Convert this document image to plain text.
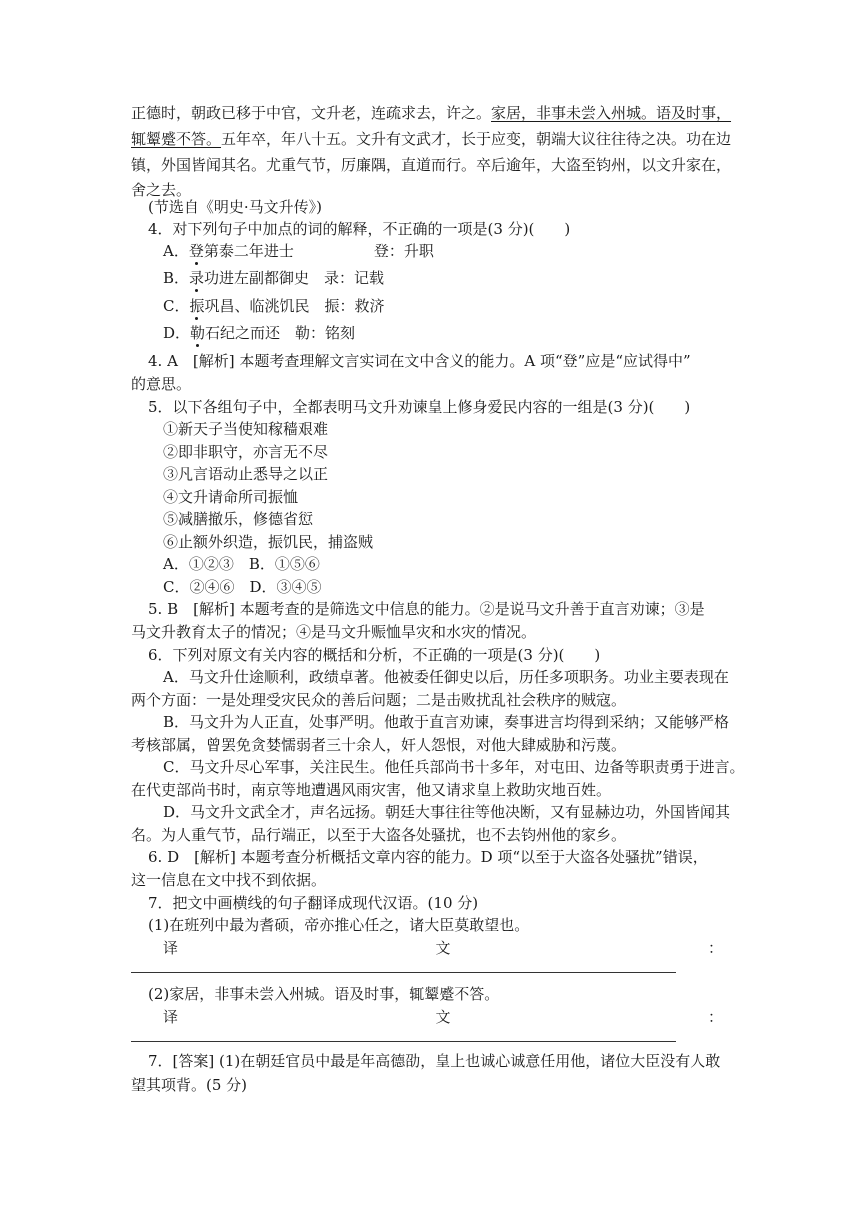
正德时，朝政已移于中官，文升老，连疏求去，许之。家居，非事未尝入州城。语及时事，
辄颦蹙不答。五年卒，年八十五。文升有文武才，长于应变，朝端大议往往待之决。功在边
镇，外国皆闻其名。尤重气节，厉廉隅，直道而行。卒后逾年，大盗至钧州，以文升家在，
舍之去。
(节选自《明史·马文升传》)
4．对下列句子中加点的词的解释，不正确的一项是(3 分)(　　)
A．登第泰二年进士	登：升职
B．录功进左副都御史　录：记载
C．振巩昌、临洮饥民　振：救济
D．勒石纪之而还　勒：铭刻
4. A　[解析] 本题考查理解文言实词在文中含义的能力。A 项“登”应是“应试得中”
的意思。
5．以下各组句子中，全都表明马文升劝谏皇上修身爱民内容的一组是(3 分)(　　)
①新天子当使知稼穑艰难
②即非职守，亦言无不尽
③凡言语动止悉导之以正
④文升请命所司振恤
⑤减膳撤乐，修德省愆
⑥止额外织造，振饥民，捕盗贼
A．①②③　B．①⑤⑥
C．②④⑥　D．③④⑤
5. B　[解析] 本题考查的是筛选文中信息的能力。②是说马文升善于直言劝谏；③是
马文升教育太子的情况；④是马文升赈恤旱灾和水灾的情况。
6．下列对原文有关内容的概括和分析，不正确的一项是(3 分)(　　)
A．马文升仕途顺利，政绩卓著。他被委任御史以后，历任多项职务。功业主要表现在
两个方面：一是处理受灾民众的善后问题；二是击败扰乱社会秩序的贼寇。
B．马文升为人正直，处事严明。他敢于直言劝谏，奏事进言均得到采纳；又能够严格
考核部属，曾罢免贪婪懦弱者三十余人，奸人怨恨，对他大肆威胁和污蔑。
C．马文升尽心军事，关注民生。他任兵部尚书十多年，对屯田、边备等职责勇于进言。
在代吏部尚书时，南京等地遭遇风雨灾害，他又请求皇上救助灾地百姓。
D．马文升文武全才，声名远扬。朝廷大事往往等他决断，又有显赫边功，外国皆闻其
名。为人重气节，品行端正，以至于大盗各处骚扰，也不去钧州他的家乡。
6. D　[解析] 本题考查分析概括文章内容的能力。D 项“以至于大盗各处骚扰”错误，
这一信息在文中找不到依据。
7．把文中画横线的句子翻译成现代汉语。(10 分)
(1)在班列中最为耆硕，帝亦推心任之，诸大臣莫敢望也。
译	文	：
(2)家居，非事未尝入州城。语及时事，辄颦蹙不答。
译	文	：
7．[答案] (1)在朝廷官员中最是年高德劭，皇上也诚心诚意任用他，诸位大臣没有人敢
望其项背。(5 分)
